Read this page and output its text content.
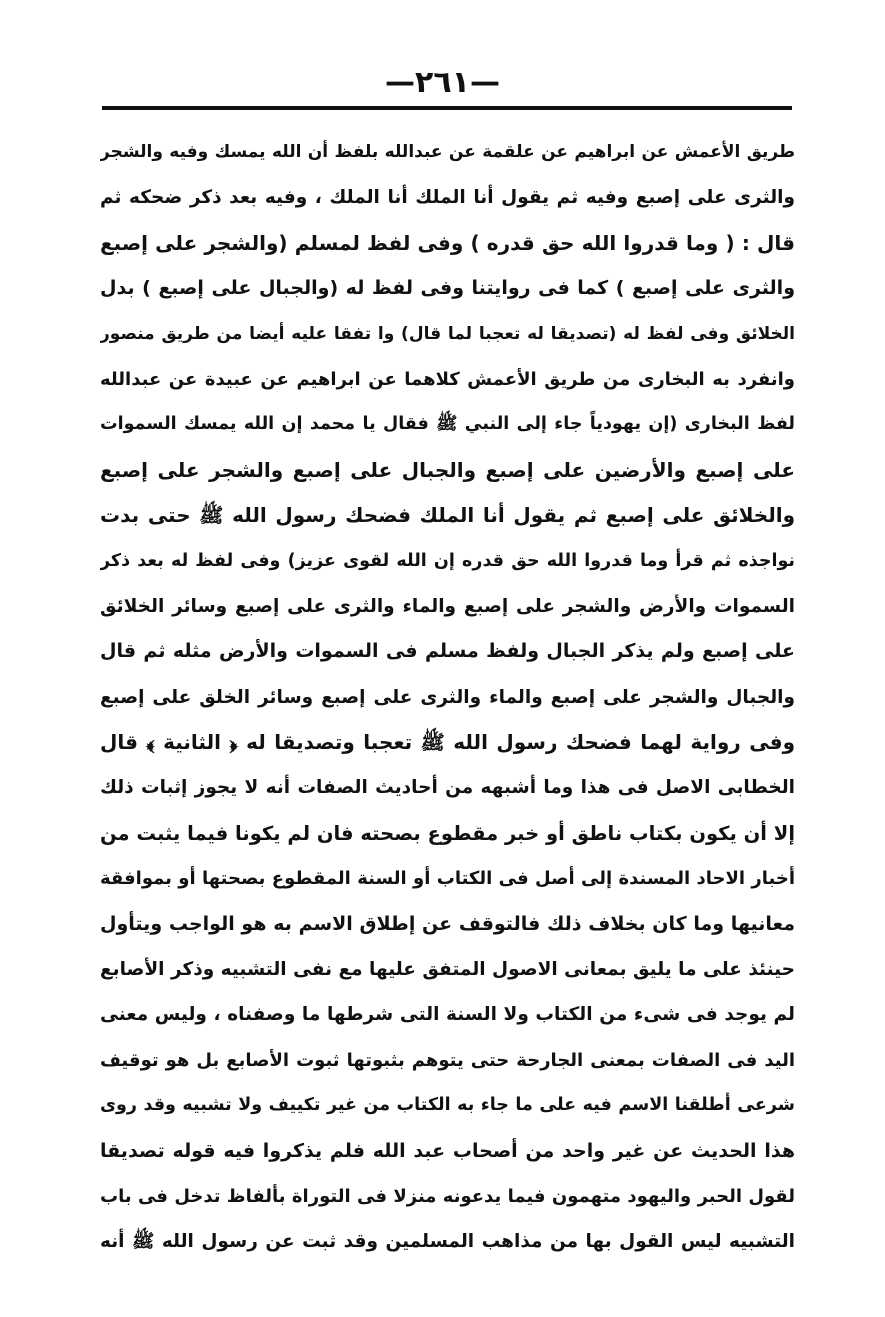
—٢٦١—
طريق الأعمش عن ابراهيم عن علقمة عن عبدالله بلفظ أن الله يمسك وفيه والشجر
والثرى على إصبع وفيه ثم يقول أنا الملك أنا الملك ، وفيه بعد ذكر ضحكه ثم
قال : ( وما قدروا الله حق قدره ) وفى لفظ لمسلم (والشجر على إصبع
والثرى على إصبع ) كما فى روايتنا وفى لفظ له (والجبال على إصبع ) بدل
الخلائق وفى لفظ له (تصديقا له تعجبا لما قال) وا تفقا عليه أيضا من طريق منصور
وانفرد به البخارى من طريق الأعمش كلاهما عن ابراهيم عن عبيدة عن عبدالله
لفظ البخارى (إن يهودياً جاء إلى النبي ﷺ فقال يا محمد إن الله يمسك السموات
على إصبع والأرضين على إصبع والجبال على إصبع والشجر على إصبع
والخلائق على إصبع ثم يقول أنا الملك فضحك رسول الله ﷺ حتى بدت
نواجذه ثم قرأ وما قدروا الله حق قدره إن الله لقوى عزيز) وفى لفظ له بعد ذكر
السموات والأرض والشجر على إصبع والماء والثرى على إصبع وسائر الخلائق
على إصبع ولم يذكر الجبال ولفظ مسلم فى السموات والأرض مثله ثم قال
والجبال والشجر على إصبع والماء والثرى على إصبع وسائر الخلق على إصبع
وفى رواية لهما فضحك رسول الله ﷺ تعجبا وتصديقا له ﴿ الثانية ﴾ قال
الخطابى الاصل فى هذا وما أشبهه من أحاديث الصفات أنه لا يجوز إثبات ذلك
إلا أن يكون بكتاب ناطق أو خبر مقطوع بصحته فان لم يكونا فيما يثبت من
أخبار الاحاد المسندة إلى أصل فى الكتاب أو السنة المقطوع بصحتها أو بموافقة
معانيها وما كان بخلاف ذلك فالتوقف عن إطلاق الاسم به هو الواجب ويتأول
حينئذ على ما يليق بمعانى الاصول المتفق عليها مع نفى التشبيه وذكر الأصابع
لم يوجد فى شىء من الكتاب ولا السنة التى شرطها ما وصفناه ، وليس معنى
اليد فى الصفات بمعنى الجارحة حتى يتوهم بثبوتها ثبوت الأصابع بل هو توقيف
شرعى أطلقنا الاسم فيه على ما جاء به الكتاب من غير تكييف ولا تشبيه وقد روى
هذا الحديث عن غير واحد من أصحاب عبد الله فلم يذكروا فيه قوله تصديقا
لقول الحبر واليهود متهمون فيما يدعونه منزلا فى التوراة بألفاظ تدخل فى باب
التشبيه ليس القول بها من مذاهب المسلمين وقد ثبت عن رسول الله ﷺ أنه
